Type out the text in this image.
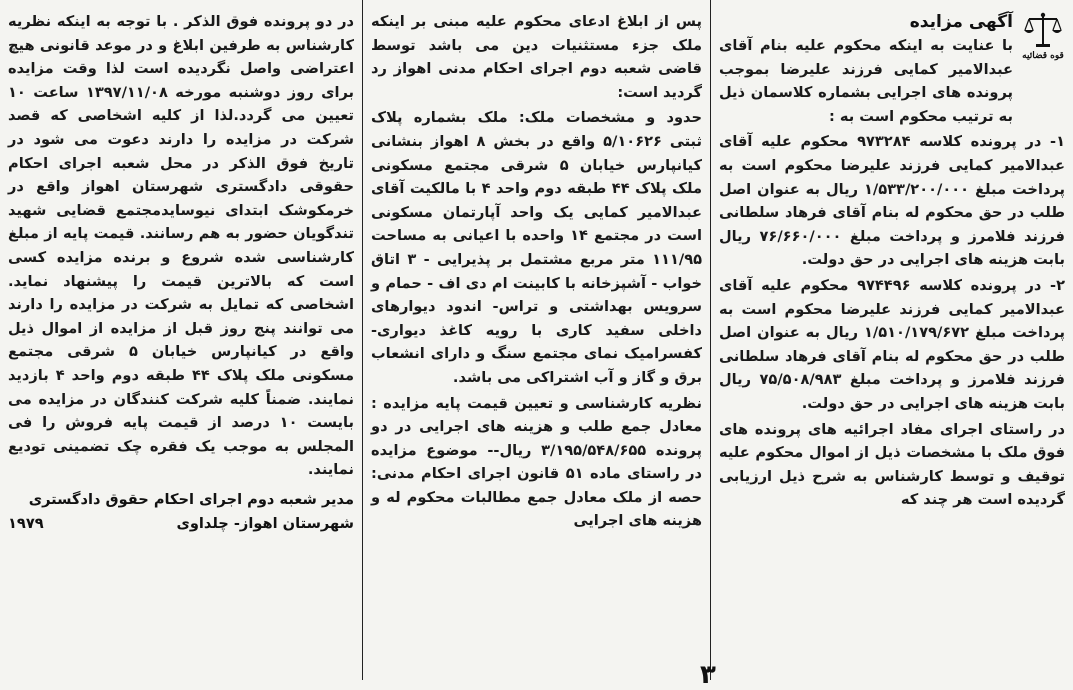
قوه قضائیه

آگهی مزایده

با عنایت به اینکه محکوم علیه بنام آقای عبدالامیر کمایی فرزند علیرضا بموجب پرونده های اجرایی بشماره کلاسمان ذیل به ترتیب محکوم است به :

۱- در پرونده کلاسه ۹۷۳۲۸۴ محکوم علیه آقای عبدالامیر کمایی فرزند علیرضا محکوم است به پرداخت مبلغ ۱/۵۳۳/۲۰۰/۰۰۰ ریال به عنوان اصل طلب در حق محکوم له بنام آقای فرهاد سلطانی فرزند فلامرز و پرداخت مبلغ ۷۶/۶۶۰/۰۰۰ ریال بابت هزینه های اجرایی در حق دولت.

۲- در پرونده کلاسه ۹۷۴۴۹۶ محکوم علیه آقای عبدالامیر کمایی فرزند علیرضا محکوم است به پرداخت مبلغ ۱/۵۱۰/۱۷۹/۶۷۲ ریال به عنوان اصل طلب در حق محکوم له بنام آقای فرهاد سلطانی فرزند فلامرز و پرداخت مبلغ ۷۵/۵۰۸/۹۸۳ ریال بابت هزینه های اجرایی در حق دولت.

در راستای اجرای مفاد اجرائیه های پرونده های فوق ملک با مشخصات ذیل از اموال محکوم علیه توقیف و توسط کارشناس به شرح ذیل ارزیابی گردیده است هر چند که

پس از ابلاغ ادعای محکوم علیه مبنی بر اینکه ملک جزء مستثنیات دین می باشد توسط قاضی شعبه دوم اجرای احکام مدنی اهواز رد گردید است:

حدود و مشخصات ملک: ملک بشماره پلاک ثبتی ۵/۱۰۶۲۶ واقع در بخش ۸ اهواز بنشانی کیانپارس خیابان ۵ شرقی مجتمع مسکونی ملک پلاک ۴۴ طبقه دوم واحد ۴ با مالکیت آقای عبدالامیر کمایی یک واحد آپارتمان مسکونی است در مجتمع ۱۴ واحده با اعیانی به مساحت ۱۱۱/۹۵ متر مربع مشتمل بر پذیرایی - ۳ اتاق خواب - آشپزخانه با کابینت ام دی اف - حمام و سرویس بهداشتی و تراس- اندود دیوارهای داخلی سفید کاری با رویه کاغذ دیواری- کفسرامیک نمای مجتمع سنگ و دارای انشعاب برق و گاز و آب اشتراکی می باشد.

نظریه کارشناسی و تعیین قیمت پایه مزایده : معادل جمع طلب و هزینه های اجرایی در دو پرونده ۳/۱۹۵/۵۴۸/۶۵۵ ریال-- موضوع مزایده در راستای ماده ۵۱ قانون اجرای احکام مدنی: حصه از ملک معادل جمع مطالبات محکوم له و هزینه های اجرایی

در دو پرونده فوق الذکر . با توجه به اینکه نظریه کارشناس به طرفین ابلاغ و در موعد قانونی هیچ اعتراضی واصل نگردیده است لذا وقت مزایده برای روز دوشنبه مورخه ۱۳۹۷/۱۱/۰۸ ساعت ۱۰ تعیین می گردد.لذا از کلیه اشخاصی که قصد شرکت در مزایده را دارند دعوت می شود در تاریخ فوق الذکر در محل شعبه اجرای احکام حقوقی دادگستری شهرستان اهواز واقع در خرمکوشک ابتدای نیوسایدمجتمع قضایی شهید تندگویان حضور به هم رسانند. قیمت پایه از مبلغ کارشناسی شده شروع و برنده مزایده کسی است که بالاترین قیمت را پیشنهاد نماید. اشخاصی که تمایل به شرکت در مزایده را دارند می توانند پنج روز قبل از مزایده از اموال ذیل واقع در کیانپارس خیابان ۵ شرقی مجتمع مسکونی ملک پلاک ۴۴ طبقه دوم واحد ۴ بازدید نمایند. ضمناً کلیه شرکت کنندگان در مزایده می بایست ۱۰ درصد از قیمت پایه فروش را فی المجلس به موجب یک فقره چک تضمینی تودیع نمایند.

مدیر شعبه دوم اجرای احکام حقوق دادگستری

شهرستان اهواز- چلداوی
۱۹۷۹

۳
